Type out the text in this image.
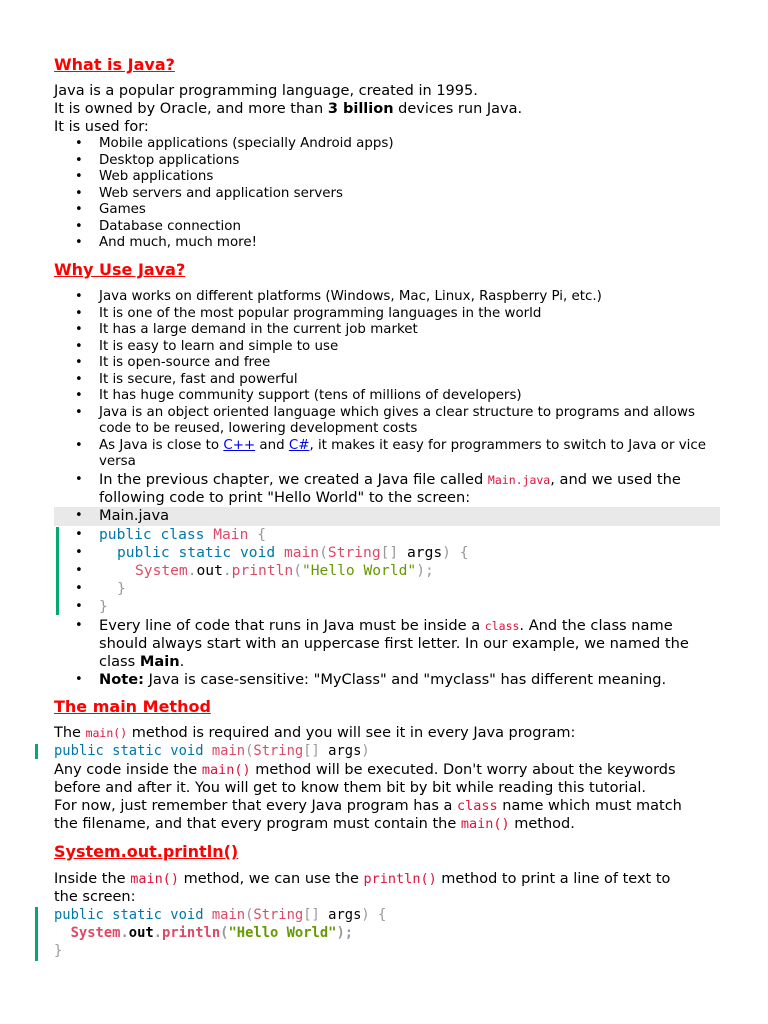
What is Java?
Java is a popular programming language, created in 1995.
It is owned by Oracle, and more than 3 billion devices run Java.
It is used for:
• Mobile applications (specially Android apps)
• Desktop applications
• Web applications
• Web servers and application servers
• Games
• Database connection
• And much, much more!
Why Use Java?
• Java works on different platforms (Windows, Mac, Linux, Raspberry Pi, etc.)
• It is one of the most popular programming languages in the world
• It has a large demand in the current job market
• It is easy to learn and simple to use
• It is open-source and free
• It is secure, fast and powerful
• It has huge community support (tens of millions of developers)
• Java is an object oriented language which gives a clear structure to programs and allows code to be reused, lowering development costs
• As Java is close to C++ and C#, it makes it easy for programmers to switch to Java or vice versa
• In the previous chapter, we created a Java file called Main.java, and we used the following code to print "Hello World" to the screen:
• Main.java
• public class Main {
• public static void main(String[] args) {
• System.out.println("Hello World");
• }
• }
• Every line of code that runs in Java must be inside a class. And the class name should always start with an uppercase first letter. In our example, we named the class Main.
• Note: Java is case-sensitive: "MyClass" and "myclass" has different meaning.
The main Method
The main() method is required and you will see it in every Java program:
public static void main(String[] args)
Any code inside the main() method will be executed. Don't worry about the keywords
before and after it. You will get to know them bit by bit while reading this tutorial.
For now, just remember that every Java program has a class name which must match
the filename, and that every program must contain the main() method.
System.out.println()
Inside the main() method, we can use the println() method to print a line of text to
the screen:
public static void main(String[] args) {
System.out.println("Hello World");
}
